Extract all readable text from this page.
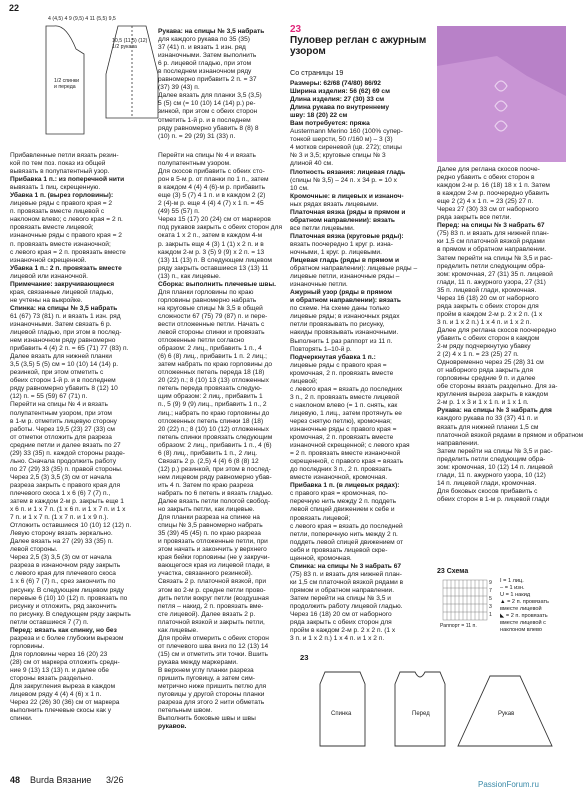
22
4 (4,5) 4 9 (9,5) 4 11 (5,5) 9,5
10,5 (11,5) (12)
1/2 рукава
1/2 спинки
и переда

Прибавленные петли вязать резин-

кой по тем поз. показ из общей

вывязать в полупатентный узор.

Прибавка 1 п.: из поперечной нити

вывязать 1 пиц. скрещенную.

Убавка 1 п. (вырез горловины):

лицевые ряды с правого края = 2

п. провязать вместе лицевой с

наклоном влево; с левого края = 2 п.

провязать вместе лицевой;

изнаночные ряды с правого края = 2

п. провязать вместе изнаночной;

с левого края = 2 п. провязать вместе

изнаночной скрещенной.

Убавка 1 п.: 2 п. провязать вместе

лицевой или изнаночной.

Примечание: закручивающиеся

края, связанные лицевой гладью,

не учтены на выкройке.

Спинка: на спицы № 3,5 набрать

61 (67) 73 (81) п. и вязать 1 изн. ряд

изнаночными. Затем связать 6 р.

лицевой гладью, при этом в послед-

нем изнаночном ряду равномерно

прибавить 4 (4) 2 п. = 65 (71) 77 (83) п.

Далее вязать для нижней планки

3,5 (3,5) 5 (5) см = 10 (10) 14 (14) р.

резинкой, при этом отметить с

обеих сторон 1-й р. и в последнем

ряду равномерно убавить 8 (12) 10

(12) п. = 55 (59) 67 (71) п.

Перейти на спицы № 4 и вязать

полупатентным узором, при этом

в 1-м р. отметить лицевую сторону

работы. Через 19,5 (23) 27 (33) см

от отметки отложить для разреза

средние петли и далее вязать по 27

(29) 33 (35) п. каждой стороны разде-

льно. Сначала продолжить работу

по 27 (29) 33 (35) п. правой стороны.

Через 2,5 (3) 3,5 (3) см от начала

разреза закрыть с правого края для

плечевого скоса 1 х 6 (6) 7 (7) п.,

затем в каждом 2-м р. закрыть еще 1

х 6 п. и 1 х 7 п. (1 х 6 п. и 1 х 7 п. и 1 х

7 п. и 1 х 7 п. (1 х 7 п. и 1 х 9 п.).

Отложить оставшиеся 10 (10) 12 (12) п.

Левую сторону вязать зеркально.

Далее вязать на 27 (29) 33 (35) п.

левой стороны.

Через 2,5 (3) 3,5 (3) см от начала

разреза в изнаночном ряду закрыть

с левого края для плечевого скоса

1 х 6 (6) 7 (7) п., срез закончить по

рисунку. В следующем лицевом ряду

перевые 6 (10) 10 (12) п. провязать по

рисунку и отложить, ряд закончить

по рисунку. В следующем ряду закрыть

петли оставшиеся 7 (7) п.

Перед: вязать как спинку, но без

разреза и с более глубоким вырезом

горловины.

Для горловины через 16 (20) 23

(28) см от маркера отложить средн-

ние 9 (13) 13 (13) п. и далее обе

стороны вязать раздельно.

Для закругления выреза в каждом

лицевом ряду 4 (4) 4 (6) х 1 п.

Через 22 (26) 30 (36) см от маркера

выполнить плечевые скосы как у

спинки.

Рукава: на спицы № 3,5 набрать

для каждого рукава по 35 (35)

37 (41) п. и вязать 1 изн. ряд

изнаночными. Затем выполнить

6 р. лицевой гладью, при этом

в последнем изнаночном ряду

равномерно прибавить 2 п. = 37

(37) 39 (43) п.

Далее вязать для планки 3,5 (3,5)

5 (5) см (= 10 (10) 14 (14) р.) ре-

зинкой, при этом с обеих сторон

отметить 1-й р. и в последнем

ряду равномерно убавить 8 (8) 8

(10) п. = 29 (29) 31 (33) п.

Перейти на спицы № 4 и вязать

полупатентным узором.

Для скосов прибавить с обеих сто-

рон в 5-м р. от планки по 1 п., затем

в каждом 4 (4) 4 (6)-м р. прибавить

еще (3) 5 (7) 4 1 п. и в каждом 2 (2)

2 (4)-м р. еще 4 (4) 4 (7) х 1 п. = 45

(49) 55 (57) п.

Через 15 (17) 20 (24) см от маркеров

под рукавов закрыть с обеих сторон для

оката 1 х 2 п., затем в каждом 4-м

р. закрыть еще 4 (3) 1 (1) х 2 п. и в

каждом 2-м р. 3 (5) 9 (9) х 2 п. = 13

(13) 11 (13) п. В следующем лицевом

ряду закрыть оставшиеся 13 (13) 11

(13) п., как лицевые.

Сборка: выполнить плечевые швы.

Для планки горловины по краю

горловины равномерно набрать

на круговые спицы № 3,5 в общей

сложности 67 (75) 79 (87) п. и пере-

вести отложенные петли. Начать с

левой стороны спинки и провязать

отложенные петли согласно

образом: 2 лиц., прибавить 1 п., 4

(6) 6 (8) лиц., прибавить 1 п. 2 лиц.;

затем набрать по краю горловины до

отложенных петель переда 18 (18)

20 (22) п.; 8 (10) 13 (13) отложенных

петель переда провязать следую-

щим образом: 2 лиц., прибавить 1

п., 5 (9) 9 (9) лиц., прибавить 1 п., 2

лиц.; набрать по краю горловины до

отложенных петель спинки 18 (18)

20 (22) п.; 8 (10) 10 (12) отложенных

петель спинки провязать следующим

образом: 2 лиц., прибавить 1 п., 4 (6)

6 (8) лиц., прибавить 1 п., 2 лиц.

Связать 2 р. (2,5) 4 (4) 6 (8 (8) 12

(12) р.) резинкой, при этом в послед-

нем лицевом ряду равномерно убав-

ить 4 п. Затем по краю разреза

набрать по 6 петель и вязать гладью.

Далее вязать петли пологой свобод-

но закрыть петли, как лицевые.

Для планки разреза на спинке на

спицы № 3,5 равномерно набрать

35 (39) 45 (45) п. по краю разреза

и провязать отложенные петли, при

этом начать и закончить у верхнего

края бейки горловины (не у закручи-

вающегося края из лицевой глади, в

участка, связанного резинкой).

Связать 2 р. платочной вязкой, при

этом во 2-м р. средне петли прово-

дить петли вокруг петли (воздушная

петля – накид, 2 п. провязать вме-

сте лицевой). Далее вязать 2 р.

платочной вязкой и закрыть петли,

как лицевые.

Для пройм отмерить с обеих сторон

от плечевого шва вниз по 12 (13) 14

(15) см и отметить эти точки. Вшить

рукава между маркерами.

В верхнем углу планки разреза

пришить пуговицу, а затем сим-

метрично ниже пришить петлю для

пуговицы у другой стороны планки

разреза для этого 2 нити обметать

петельным швом.

Выполнить боковые швы и швы

рукавов.

23
Пуловер реглан с ажурным узором
Со страницы 19

Размеры: 62/68 (74/80) 86/92

Ширина изделия: 56 (62) 69 см

Длина изделия: 27 (30) 33 см

Длина рукава по внутреннему

шву: 18 (20) 22 см

Вам потребуется: пряжа

Austermann Merino 160 (100% супер-

тонкой шерсти, 50 г/160 м) – 3 (3)

4 мотков сиреневой (цв. 272); спицы

№ 3 и 3,5; круговые спицы № 3

длиной 40 см.

Плотность вязания: лицевая гладь

(спицы № 3,5) – 24 п. x 34 р. = 10 x

10 см.

Кромочные: в лицевых и изнаноч-

ных рядах вязать лицевыми.

Платочная вязка (ряды в прямом и

обратном направлении): вязать

все петли лицевыми.

Платочная вязка (круговые ряды):

вязать поочередно 1 круг р. изна-

ночными, 1 круг. р. лицевыми.

Лицевая гладь (ряды в прямом и

обратном направлении): лицевые ряды –

лицевые петли, изнаночные ряды –

изнаночные петли.

Ажурный узор (ряды в прямом

и обратном направлении): вязать

по схеме. На схеме даны только

лицевые ряды; в изнаночных рядах

петли провязывать по рисунку,

накиды провязывать изнаночными.

Выполнить 1 раз раппорт из 11 п.

Повторять 1–10-й р.

Подчеркнутая убавка 1 п.:

лицевые ряды с правого края =

кромочная, 2 п. провязать вместе

лицевой;

с левого края = вязать до последних

3 п., 2 п. провязать вместе лицевой

с наклоном влево (= 1 п. снять, как

лицевую, 1 лиц., затем протянуть ее

через снятую петлю), кромочная;

изнаночные ряды с правого края =

кромочная, 2 п. провязать вместе

изнаночной скрещенной; с левого края

= 2 п. провязать вместе изнаночной

скрещенной, с правого края = вязать

до последних 3 п., 2 п. провязать

вместе изнаночной, кромочная.

Прибавка 1 п. (в лицевых рядах):

с правого края = кромочная, по-

перечную нить между 2 п. поддеть

левой спицей движением к себе и

провязать лицевой;

с левого края = вязать до последней

петли, поперечную нить между 2 п.

поддеть левой спицей движением от

себя и провязать лицевой скре-

щенной, кромочная.

Спинка: на спицы № 3 набрать 67

(75) 83 п. и вязать для нижней план-

ки 1,5 см платочной вязкой рядами в

прямом и обратном направлении.

Затем перейти на спицы № 3,5 и

продолжить работу лицевой гладью.

Через 16 (18) 20 см от наборного

ряда закрыть с обеих сторон для

пройм в каждом 2-м р. 2 х 2 п. (1 х

3 п. и 1 х 2 п.) 1 х 4 п. и 1 х 2 п.

Далее для реглана скосов пооче-

редно убавить с обеих сторон в

каждом 2-м р. 16 (18) 18 х 1 п. Затем

в каждом 2-м р. поочередно убавить

еще 2 (2) 4 х 1 п. = 23 (25) 27 п.

Через 27 (30) 33 см от наборного

ряда закрыть все петли.

Перед: на спицы № 3 набрать 67

(75) 83 п. и вязать для нижней план-

ки 1,5 см платочной вязкой рядами

в прямом и обратном направлении.

Затем перейти на спицы № 3,5 и рас-

пределить петли следующим обра-

зом: кромочная, 27 (31) 35 п. лицевой

глади, 11 п. ажурного узора, 27 (31)

35 п. лицевой глади, кромочная.

Через 16 (18) 20 см от наборного

ряда закрыть с обеих сторон для

пройм в каждом 2-м р. 2 х 2 п. (1 х

3 п. и 1 х 2 п.) 1 х 4 п. и 1 х 2 п.

Далее для реглана скосов поочередно

убавить с обеих сторон в каждом

2-м ряду подчеркнутую убавку

2 (2) 4 х 1 п. = 23 (25) 27 п.

Одновременно через 25 (28) 31 см

от наборного ряда закрыть для

горловины средние 9 п. и далее

обе стороны вязать раздельно. Для за-

кругления выреза закрыть в каждом

2-м р. 1 х 3 и 1 х 1 п. и 1 х 1 п.

Рукава: на спицы № 3 набрать для

каждого рукава по 33 (37) 41 п. и

вязать для нижней планки 1,5 см

платочной вязкой рядами в прямом и обратном

направлении.

Затем перейти на спицы № 3,5 и рас-

пределить петли следующим обра-

зом: кромочная, 10 (12) 14 п. лицевой

глади, 11 п. ажурного узора, 10 (12)

14 п. лицевой глади, кромочная.

Для боковых скосов прибавить с

обеих сторон в 1-м р. лицевой глади

23 Схема
9
7
5
3
1
Раппорт = 11 п.
I = 1 лиц.
– = 1 изн.
U = 1 накид
▲ = 2 п. провязать вместе лицевой
◣ = 2 п. провязать вместе лицевой с наклоном влево
23
Спинка	Перед	Рукав
48 Burda Вязание 3/26	PassionForum.ru
